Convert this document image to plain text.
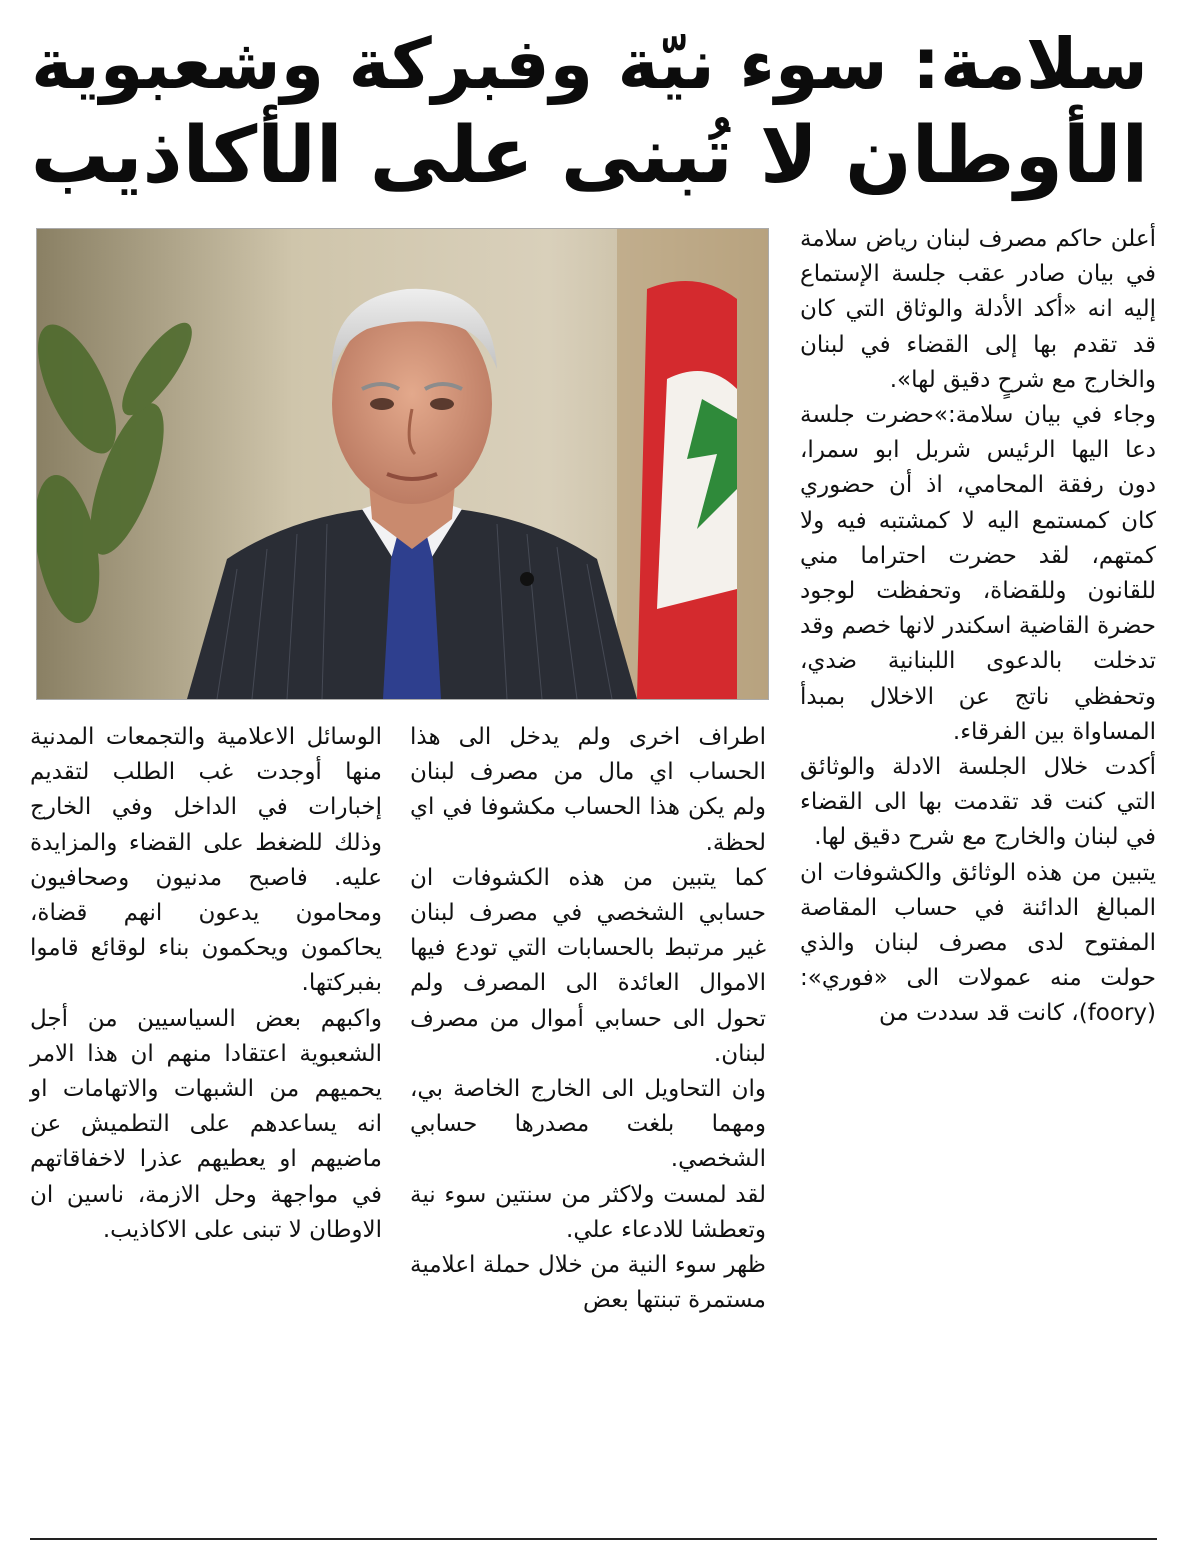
سلامة: سوء نيّة وفبركة وشعبوية
الأوطان لا تُبنى على الأكاذيب

أعلن حاكم مصرف لبنان رياض سلامة في بيان صادر عقب جلسة الإستماع إليه انه «أكد الأدلة والوثاق التي كان قد تقدم بها إلى القضاء في لبنان والخارج مع شرحٍ دقيق لها».

وجاء في بيان سلامة:»حضرت جلسة دعا اليها الرئيس شربل ابو سمرا، دون رفقة المحامي، اذ أن حضوري كان كمستمع اليه لا كمشتبه فيه ولا كمتهم، لقد حضرت احتراما مني للقانون وللقضاة، وتحفظت لوجود حضرة القاضية اسكندر لانها خصم وقد تدخلت بالدعوى اللبنانية ضدي، وتحفظي ناتج عن الاخلال بمبدأ المساواة بين الفرقاء.

أكدت خلال الجلسة الادلة والوثائق التي كنت قد تقدمت بها الى القضاء في لبنان والخارج مع شرح دقيق لها.

يتبين من هذه الوثائق والكشوفات ان المبالغ الدائنة في حساب المقاصة المفتوح لدى مصرف لبنان والذي حولت منه عمولات الى «فوري»: (foory)، كانت قد سددت من

اطراف اخرى ولم يدخل الى هذا الحساب اي مال من مصرف لبنان ولم يكن هذا الحساب مكشوفا في اي لحظة.

كما يتبين من هذه الكشوفات ان حسابي الشخصي في مصرف لبنان غير مرتبط بالحسابات التي تودع فيها الاموال العائدة الى المصرف ولم تحول الى حسابي أموال من مصرف لبنان.

وان التحاويل الى الخارج الخاصة بي، ومهما بلغت مصدرها حسابي الشخصي.

لقد لمست ولاكثر من سنتين سوء نية وتعطشا للادعاء علي.

ظهر سوء النية من خلال حملة اعلامية مستمرة تبنتها بعض

الوسائل الاعلامية والتجمعات المدنية منها أوجدت غب الطلب لتقديم إخبارات في الداخل وفي الخارج وذلك للضغط على القضاء والمزايدة عليه. فاصبح مدنيون وصحافيون ومحامون يدعون انهم قضاة، يحاكمون ويحكمون بناء لوقائع قاموا بفبركتها.

واكبهم بعض السياسيين من أجل الشعبوية اعتقادا منهم ان هذا الامر يحميهم من الشبهات والاتهامات او انه يساعدهم على التطميش عن ماضيهم او يعطيهم عذرا لاخفاقاتهم في مواجهة وحل الازمة، ناسين ان الاوطان لا تبنى على الاكاذيب.
